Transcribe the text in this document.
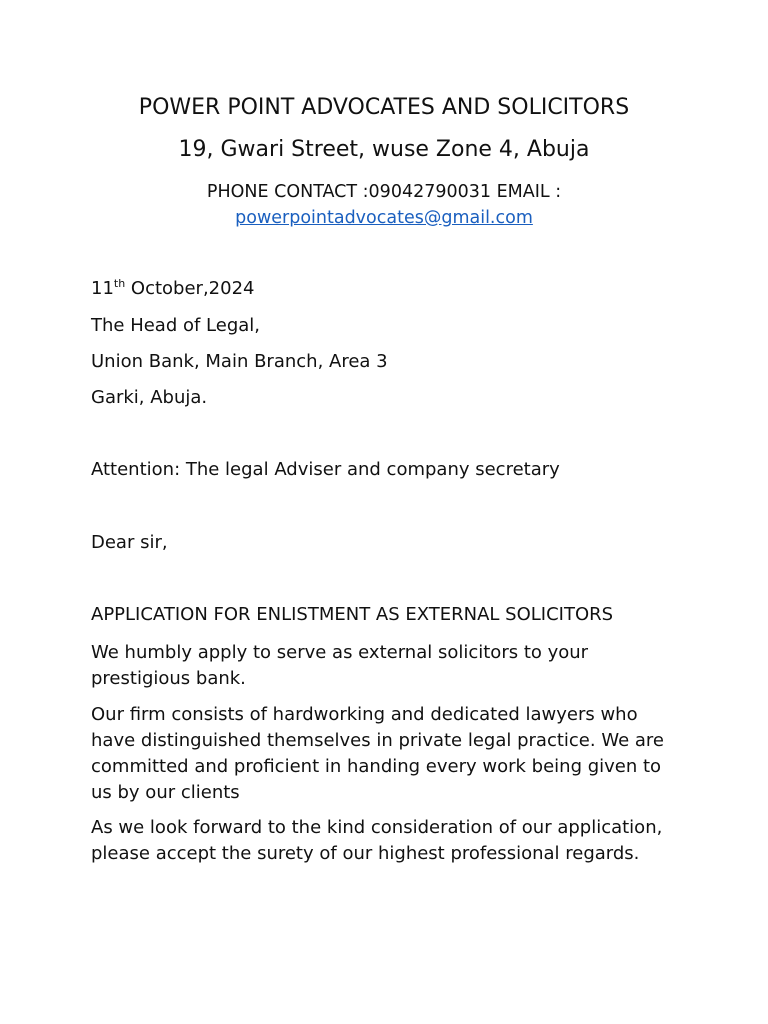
POWER POINT ADVOCATES AND SOLICITORS
19, Gwari Street, wuse Zone 4, Abuja
PHONE CONTACT :09042790031 EMAIL :
powerpointadvocates@gmail.com
11th October,2024
The Head of Legal,
Union Bank, Main Branch, Area 3
Garki, Abuja.
Attention: The legal Adviser and company secretary
Dear sir,
APPLICATION FOR ENLISTMENT AS EXTERNAL SOLICITORS
We humbly apply to serve as external solicitors to your prestigious bank.
Our firm consists of hardworking and dedicated lawyers who have distinguished themselves in private legal practice. We are committed and proficient in handing every work being given to us by our clients
As we look forward to the kind consideration of our application, please accept the surety of our highest professional regards.
